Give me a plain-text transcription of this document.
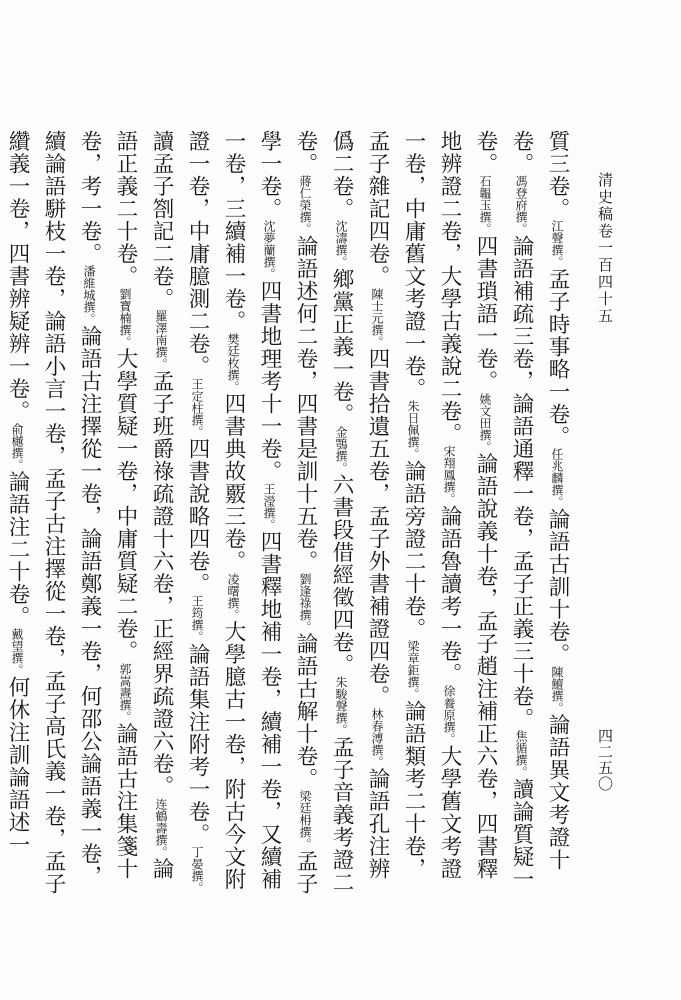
清史稿卷一百四十五
四二五〇
質三卷。江聲撰。孟子時事略一卷。任兆麟撰。論語古訓十卷。陳鱣撰。論語異文考證十卷。馮登府撰。論語補疏三卷，論語通釋一卷，孟子正義三十卷。焦循撰。讀論質疑一卷。石韞玉撰。四書瑣語一卷。姚文田撰。論語說義十卷，孟子趙注補正六卷，四書釋地辨證二卷，大學古義說二卷。宋翔鳳撰。論語魯讀考一卷。徐養原撰。大學舊文考證一卷，中庸舊文考證一卷。朱日佩撰。論語旁證二十卷。梁章鉅撰。論語類考二十卷，孟子雜記四卷。陳士元撰。四書拾遺五卷，孟子外書補證四卷。林春溥撰。論語孔注辨僞二卷。沈濤撰。鄉黨正義一卷。金鶚撰。六書段借經徵四卷。朱駿聲撰。孟子音義考證二卷。蔣仁榮撰。論語述何二卷，四書是訓十五卷。劉逢祿撰。論語古解十卷。梁廷枏撰。孟子學一卷。沈夢蘭撰。四書地理考十一卷。王瀅撰。四書釋地補一卷，續補一卷，又續補一卷，三續補一卷。樊廷枚撰。四書典故覈三卷。凌曙撰。大學臆古一卷，附古今文附證一卷，中庸臆測二卷。王定柱撰。四書說略四卷。王筠撰。論語集注附考一卷。丁晏撰。讀孟子劄記二卷。羅澤南撰。孟子班爵祿疏證十六卷，正經界疏證六卷。连鶴壽撰。論語正義二十卷。劉寶楠撰。大學質疑一卷，中庸質疑二卷。郭嵩燾撰。論語古注集箋十卷，考一卷。潘維城撰。論語古注擇從一卷，論語鄭義一卷，何邵公論語義一卷，續論語駢枝一卷，論語小言一卷，孟子古注擇從一卷，孟子高氏義一卷，孟子纘義一卷，四書辨疑辨一卷。俞樾撰。論語注二十卷。戴望撰。何休注訓論語述一
